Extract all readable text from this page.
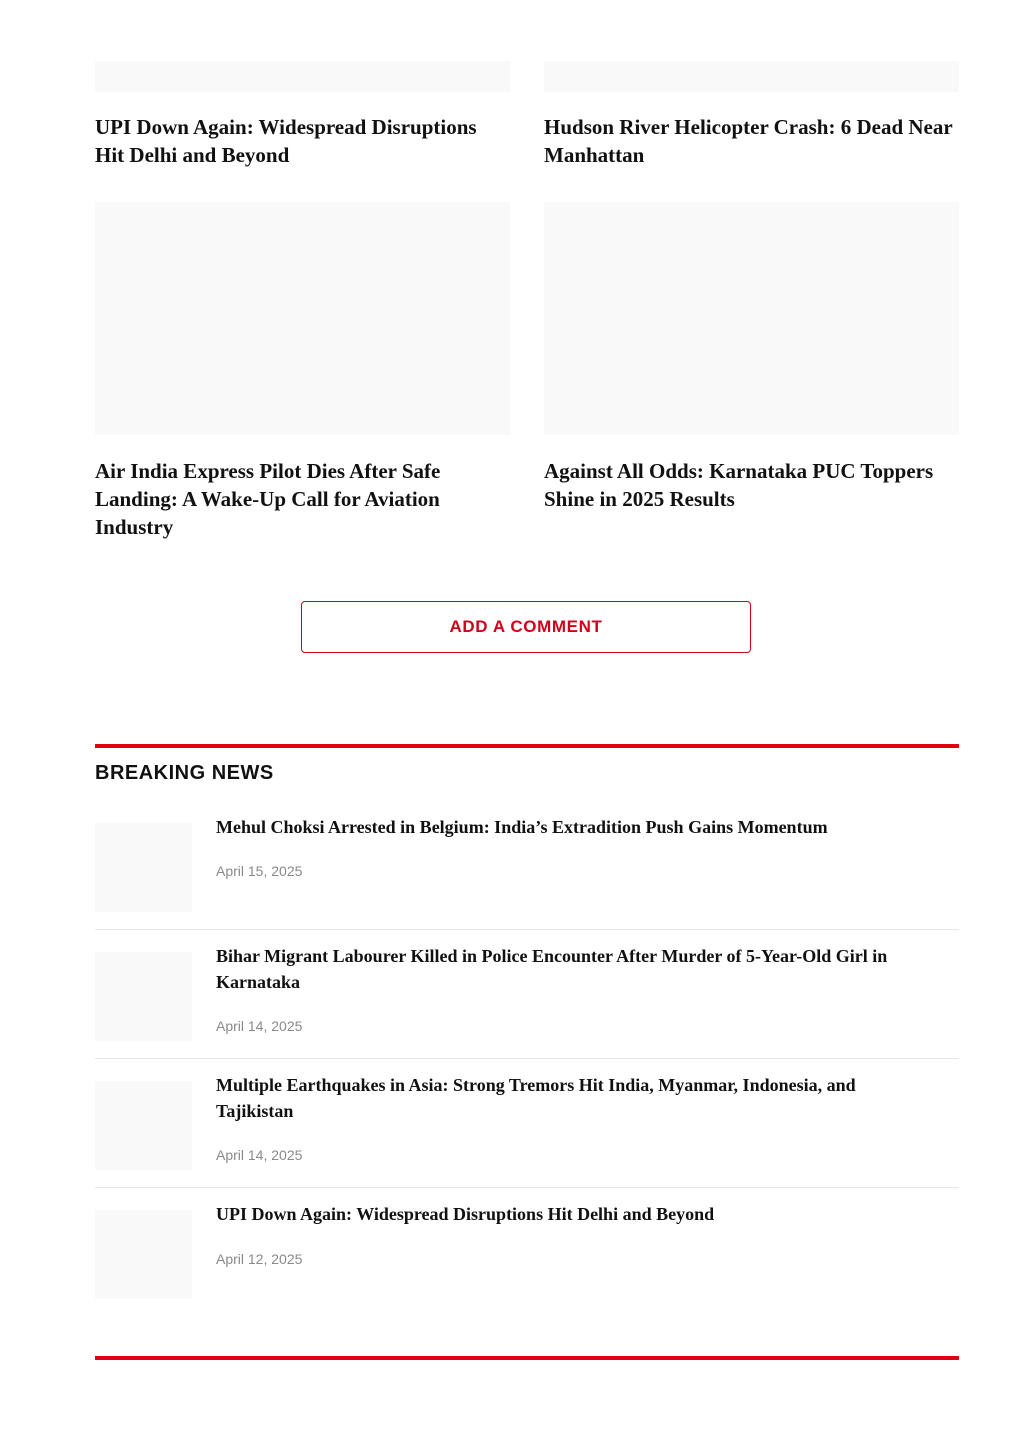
UPI Down Again: Widespread Disruptions Hit Delhi and Beyond
Hudson River Helicopter Crash: 6 Dead Near Manhattan
Air India Express Pilot Dies After Safe Landing: A Wake-Up Call for Aviation Industry
Against All Odds: Karnataka PUC Toppers Shine in 2025 Results
ADD A COMMENT
BREAKING NEWS
Mehul Choksi Arrested in Belgium: India’s Extradition Push Gains Momentum
April 15, 2025
Bihar Migrant Labourer Killed in Police Encounter After Murder of 5-Year-Old Girl in Karnataka
April 14, 2025
Multiple Earthquakes in Asia: Strong Tremors Hit India, Myanmar, Indonesia, and Tajikistan
April 14, 2025
UPI Down Again: Widespread Disruptions Hit Delhi and Beyond
April 12, 2025
